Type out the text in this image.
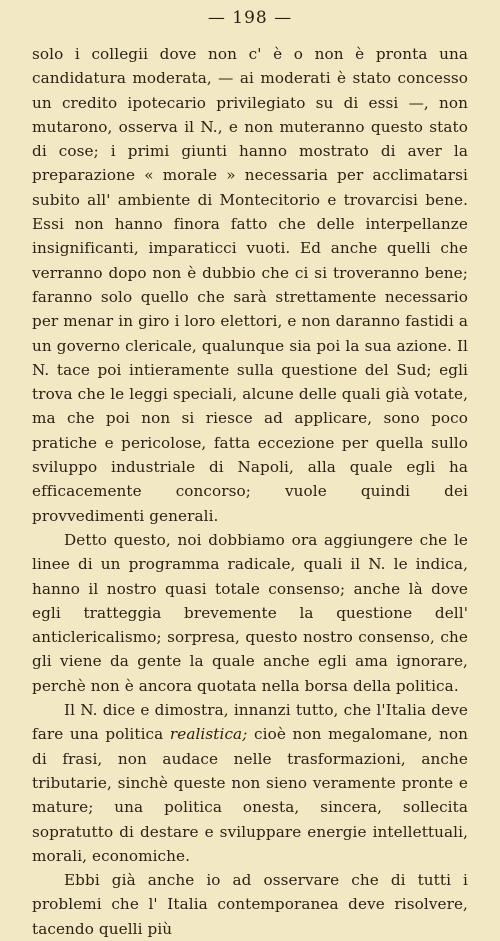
— 198 —

solo i collegii dove non c' è o non è pronta una candidatura moderata, — ai moderati è stato concesso un credito ipotecario privilegiato su di essi —, non mutarono, osserva il N., e non muteranno questo stato di cose; i primi giunti hanno mostrato di aver la preparazione « morale » necessaria per acclimatarsi subito all' ambiente di Montecitorio e trovarcisi bene. Essi non hanno finora fatto che delle interpellanze insignificanti, imparaticci vuoti. Ed anche quelli che verranno dopo non è dubbio che ci si troveranno bene; faranno solo quello che sarà strettamente necessario per menar in giro i loro elettori, e non daranno fastidi a un governo clericale, qualunque sia poi la sua azione. Il N. tace poi intieramente sulla questione del Sud; egli trova che le leggi speciali, alcune delle quali già votate, ma che poi non si riesce ad applicare, sono poco pratiche e pericolose, fatta eccezione per quella sullo sviluppo industriale di Napoli, alla quale egli ha efficacemente concorso; vuole quindi dei provvedimenti generali.

Detto questo, noi dobbiamo ora aggiungere che le linee di un programma radicale, quali il N. le indica, hanno il nostro quasi totale consenso; anche là dove egli tratteggia brevemente la questione dell' anticlericalismo; sorpresa, questo nostro consenso, che gli viene da gente la quale anche egli ama ignorare, perchè non è ancora quotata nella borsa della politica.

Il N. dice e dimostra, innanzi tutto, che l'Italia deve fare una politica realistica; cioè non megalomane, non di frasi, non audace nelle trasformazioni, anche tributarie, sinchè queste non sieno veramente pronte e mature; una politica onesta, sincera, sollecita sopratutto di destare e sviluppare energie intellettuali, morali, economiche.

Ebbi già anche io ad osservare che di tutti i problemi che l' Italia contemporanea deve risolvere, tacendo quelli più
